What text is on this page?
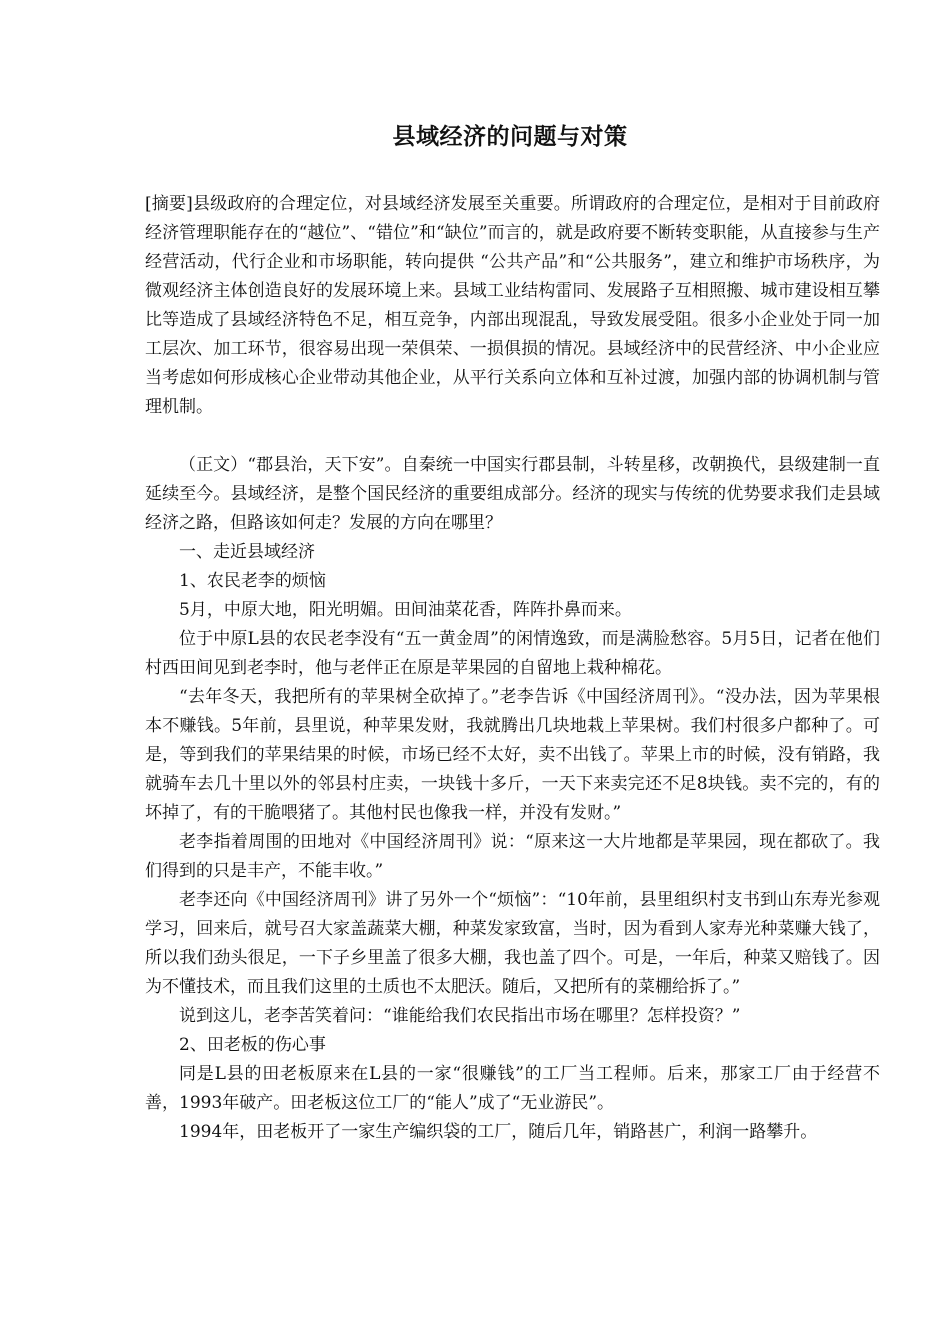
县域经济的问题与对策

[摘要]县级政府的合理定位，对县域经济发展至关重要。所谓政府的合理定位，是相对于目前政府经济管理职能存在的“越位”、“错位”和“缺位”而言的，就是政府要不断转变职能，从直接参与生产经营活动，代行企业和市场职能，转向提供 “公共产品”和“公共服务”，建立和维护市场秩序，为微观经济主体创造良好的发展环境上来。县域工业结构雷同、发展路子互相照搬、城市建设相互攀比等造成了县域经济特色不足，相互竞争，内部出现混乱，导致发展受阻。很多小企业处于同一加工层次、加工环节，很容易出现一荣俱荣、一损俱损的情况。县域经济中的民营经济、中小企业应当考虑如何形成核心企业带动其他企业，从平行关系向立体和互补过渡，加强内部的协调机制与管理机制。

（正文）“郡县治，天下安”。自秦统一中国实行郡县制，斗转星移，改朝换代，县级建制一直延续至今。县域经济，是整个国民经济的重要组成部分。经济的现实与传统的优势要求我们走县域经济之路，但路该如何走？发展的方向在哪里？

一、走近县域经济

1、农民老李的烦恼

5月，中原大地，阳光明媚。田间油菜花香，阵阵扑鼻而来。

位于中原L县的农民老李没有“五一黄金周”的闲情逸致，而是满脸愁容。5月5日，记者在他们村西田间见到老李时，他与老伴正在原是苹果园的自留地上栽种棉花。

“去年冬天，我把所有的苹果树全砍掉了。”老李告诉《中国经济周刊》。“没办法，因为苹果根本不赚钱。5年前，县里说，种苹果发财，我就腾出几块地栽上苹果树。我们村很多户都种了。可是，等到我们的苹果结果的时候，市场已经不太好，卖不出钱了。苹果上市的时候，没有销路，我就骑车去几十里以外的邻县村庄卖，一块钱十多斤，一天下来卖完还不足8块钱。卖不完的，有的坏掉了，有的干脆喂猪了。其他村民也像我一样，并没有发财。”

老李指着周围的田地对《中国经济周刊》说：“原来这一大片地都是苹果园，现在都砍了。我们得到的只是丰产，不能丰收。”

老李还向《中国经济周刊》讲了另外一个“烦恼”：“10年前，县里组织村支书到山东寿光参观学习，回来后，就号召大家盖蔬菜大棚，种菜发家致富，当时，因为看到人家寿光种菜赚大钱了，所以我们劲头很足，一下子乡里盖了很多大棚，我也盖了四个。可是，一年后，种菜又赔钱了。因为不懂技术，而且我们这里的土质也不太肥沃。随后，又把所有的菜棚给拆了。”

说到这儿，老李苦笑着问：“谁能给我们农民指出市场在哪里？怎样投资？”

2、田老板的伤心事

同是L县的田老板原来在L县的一家“很赚钱”的工厂当工程师。后来，那家工厂由于经营不善，1993年破产。田老板这位工厂的“能人”成了“无业游民”。

1994年，田老板开了一家生产编织袋的工厂，随后几年，销路甚广，利润一路攀升。
